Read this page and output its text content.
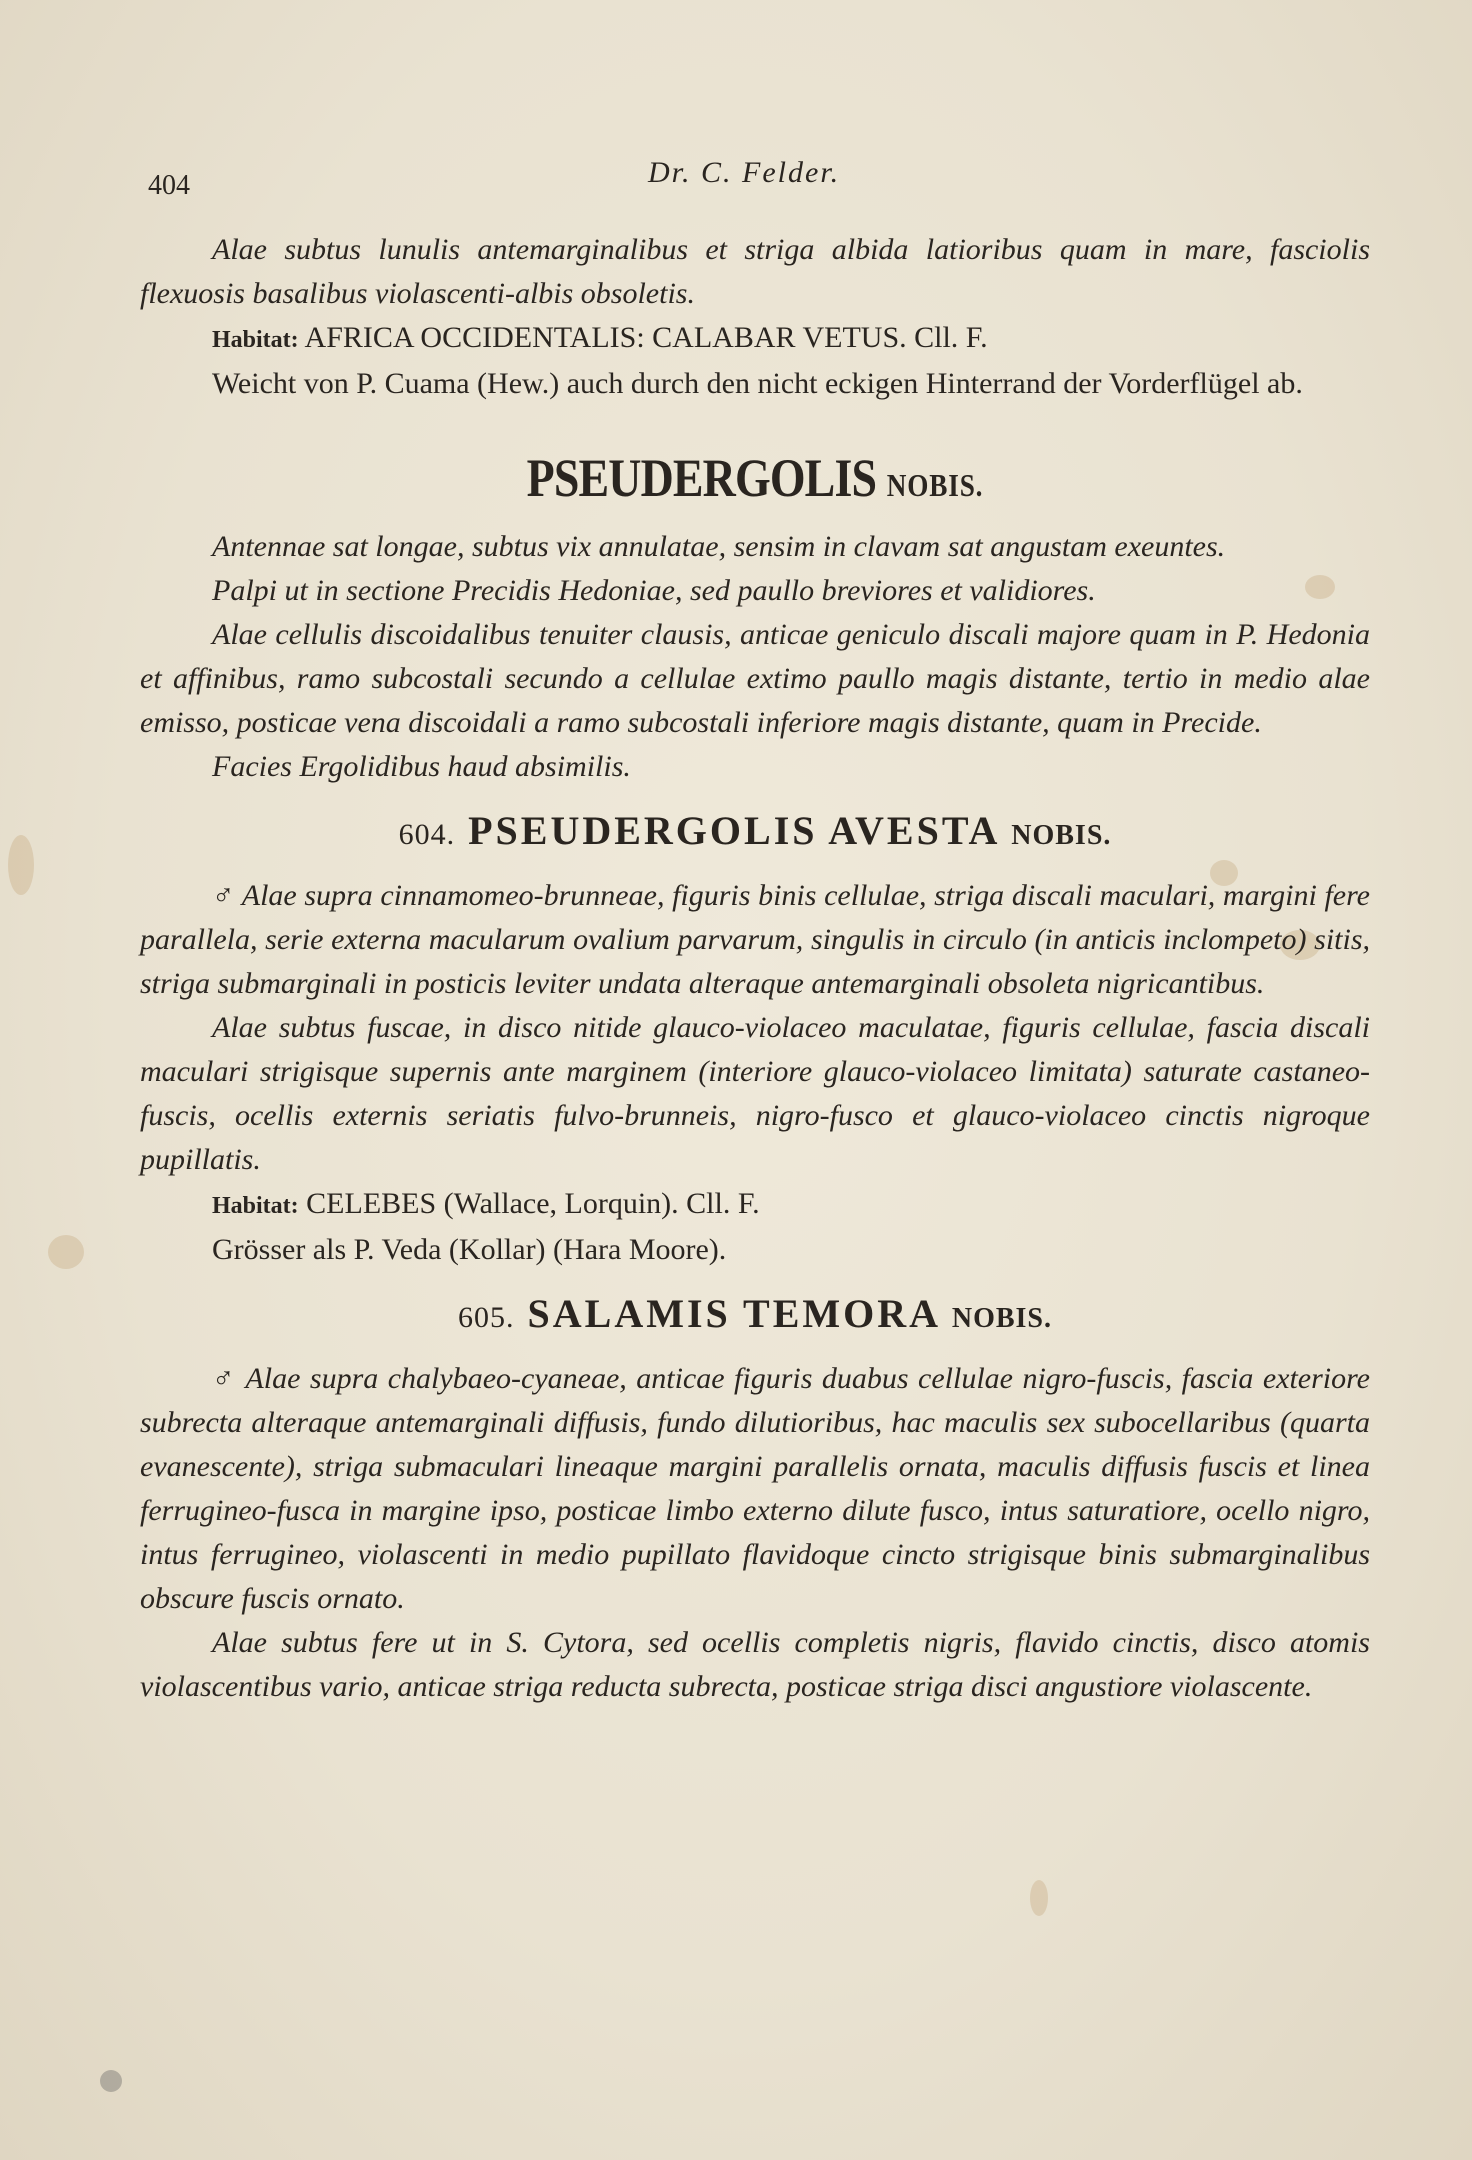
404	Dr. C. Felder.

Alae subtus lunulis antemarginalibus et striga albida latioribus quam in mare, fasciolis flexuosis basalibus violascenti-albis obsoletis.

Habitat: AFRICA OCCIDENTALIS: CALABAR VETUS. Cll. F.

Weicht von P. Cuama (Hew.) auch durch den nicht eckigen Hinterrand der Vorderflügel ab.

PSEUDERGOLIS NOBIS.

Antennae sat longae, subtus vix annulatae, sensim in clavam sat angustam exeuntes.

Palpi ut in sectione Precidis Hedoniae, sed paullo breviores et validiores.

Alae cellulis discoidalibus tenuiter clausis, anticae geniculo discali majore quam in P. Hedonia et affinibus, ramo subcostali secundo a cellulae extimo paullo magis distante, tertio in medio alae emisso, posticae vena discoidali a ramo subcostali inferiore magis distante, quam in Precide.

Facies Ergolidibus haud absimilis.

604. PSEUDERGOLIS AVESTA NOBIS.

♂ Alae supra cinnamomeo-brunneae, figuris binis cellulae, striga discali maculari, margini fere parallela, serie externa macularum ovalium parvarum, singulis in circulo (in anticis inclompeto) sitis, striga submarginali in posticis leviter undata alteraque antemarginali obsoleta nigricantibus.

Alae subtus fuscae, in disco nitide glauco-violaceo maculatae, figuris cellulae, fascia discali maculari strigisque supernis ante marginem (interiore glauco-violaceo limitata) saturate castaneo-fuscis, ocellis externis seriatis fulvo-brunneis, nigro-fusco et glauco-violaceo cinctis nigroque pupillatis.

Habitat: CELEBES (Wallace, Lorquin). Cll. F.

Grösser als P. Veda (Kollar) (Hara Moore).

605. SALAMIS TEMORA NOBIS.

♂ Alae supra chalybaeo-cyaneae, anticae figuris duabus cellulae nigro-fuscis, fascia exteriore subrecta alteraque antemarginali diffusis, fundo dilutioribus, hac maculis sex subocellaribus (quarta evanescente), striga submaculari lineaque margini parallelis ornata, maculis diffusis fuscis et linea ferrugineo-fusca in margine ipso, posticae limbo externo dilute fusco, intus saturatiore, ocello nigro, intus ferrugineo, violascenti in medio pupillato flavidoque cincto strigisque binis submarginalibus obscure fuscis ornato.

Alae subtus fere ut in S. Cytora, sed ocellis completis nigris, flavido cinctis, disco atomis violascentibus vario, anticae striga reducta subrecta, posticae striga disci angustiore violascente.
